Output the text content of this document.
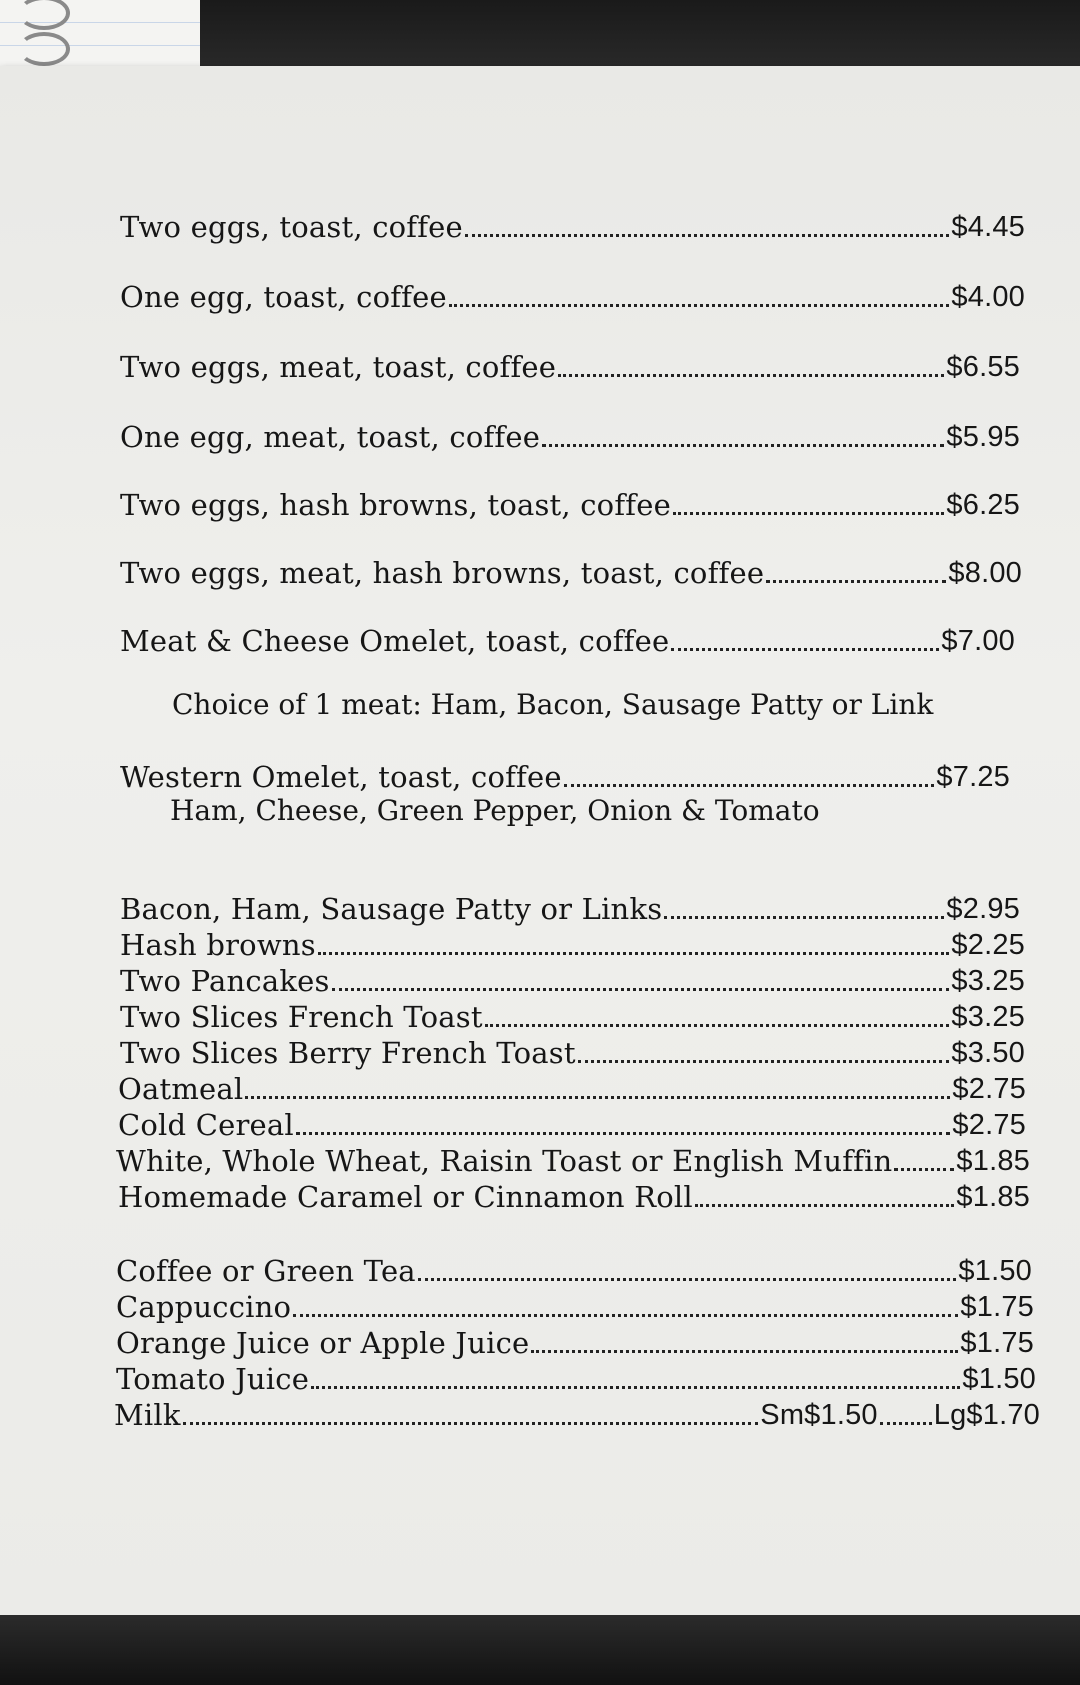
Two eggs, toast, coffee	$4.45
One egg, toast, coffee	$4.00
Two eggs, meat, toast, coffee	$6.55
One egg, meat, toast, coffee	$5.95
Two eggs, hash browns, toast, coffee	$6.25
Two eggs, meat, hash browns, toast, coffee	$8.00
Meat & Cheese Omelet, toast, coffee	$7.00
Choice of 1 meat: Ham, Bacon, Sausage Patty or Link
Western Omelet, toast, coffee	$7.25
Ham, Cheese, Green Pepper, Onion & Tomato
Bacon, Ham, Sausage Patty or Links	$2.95
Hash browns	$2.25
Two Pancakes	$3.25
Two Slices French Toast	$3.25
Two Slices Berry French Toast	$3.50
Oatmeal	$2.75
Cold Cereal	$2.75
White, Whole Wheat, Raisin Toast or English Muffin $1.85
Homemade Caramel or Cinnamon Roll	$1.85
Coffee or Green Tea	$1.50
Cappuccino	$1.75
Orange Juice or Apple Juice	$1.75
Tomato Juice	$1.50
Milk	Sm$1.50 Lg$1.70
